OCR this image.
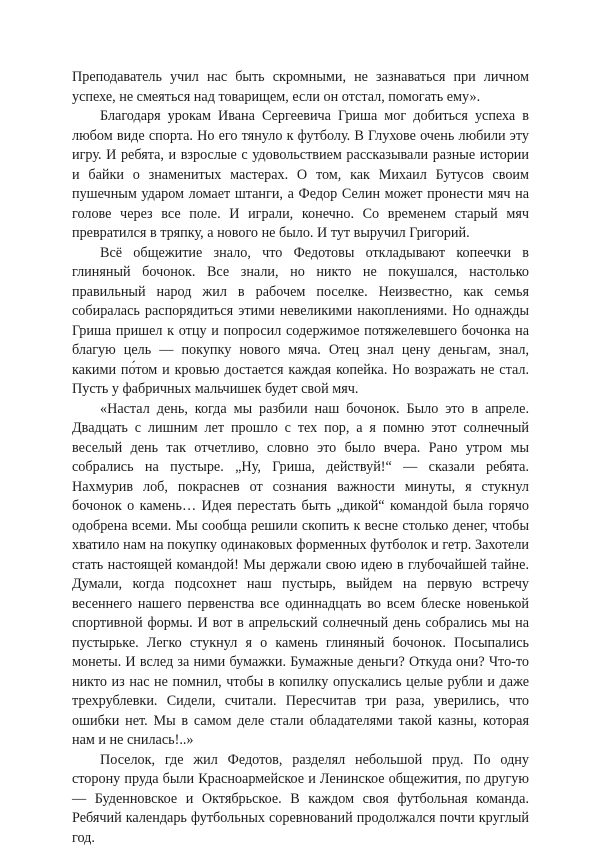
Преподаватель учил нас быть скромными, не зазнаваться при личном успехе, не смеяться над товарищем, если он отстал, помогать ему».

Благодаря урокам Ивана Сергеевича Гриша мог добиться успеха в любом виде спорта. Но его тянуло к футболу. В Глухове очень любили эту игру. И ребята, и взрослые с удовольствием рассказывали разные истории и байки о знаменитых мастерах. О том, как Михаил Бутусов своим пушечным ударом ломает штанги, а Федор Селин может пронести мяч на голове через все поле. И играли, конечно. Со временем старый мяч превратился в тряпку, а нового не было. И тут выручил Григорий.

Всё общежитие знало, что Федотовы откладывают копеечки в глиняный бочонок. Все знали, но никто не покушался, настолько правильный народ жил в рабочем поселке. Неизвестно, как семья собиралась распорядиться этими невеликими накоплениями. Но однажды Гриша пришел к отцу и попросил содержимое потяжелевшего бочонка на благую цель — покупку нового мяча. Отец знал цену деньгам, знал, какими по́том и кровью достается каждая копейка. Но возражать не стал. Пусть у фабричных мальчишек будет свой мяч.

«Настал день, когда мы разбили наш бочонок. Было это в апреле. Двадцать с лишним лет прошло с тех пор, а я помню этот солнечный веселый день так отчетливо, словно это было вчера. Рано утром мы собрались на пустыре. „Ну, Гриша, действуй!“ — сказали ребята. Нахмурив лоб, покраснев от сознания важности минуты, я стукнул бочонок о камень… Идея перестать быть „дикой“ командой была горячо одобрена всеми. Мы сообща решили скопить к весне столько денег, чтобы хватило нам на покупку одинаковых форменных футболок и гетр. Захотели стать настоящей командой! Мы держали свою идею в глубочайшей тайне. Думали, когда подсохнет наш пустырь, выйдем на первую встречу весеннего нашего первенства все одиннадцать во всем блеске новенькой спортивной формы. И вот в апрельский солнечный день собрались мы на пустырьке. Легко стукнул я о камень глиняный бочонок. Посыпались монеты. И вслед за ними бумажки. Бумажные деньги? Откуда они? Что-то никто из нас не помнил, чтобы в копилку опускались целые рубли и даже трехрублевки. Сидели, считали. Пересчитав три раза, уверились, что ошибки нет. Мы в самом деле стали обладателями такой казны, которая нам и не снилась!..»

Поселок, где жил Федотов, разделял небольшой пруд. По одну сторону пруда были Красноармейское и Ленинское общежития, по другую — Буденновское и Октябрьское. В каждом своя футбольная команда. Ребячий календарь футбольных соревнований продолжался почти круглый год.
